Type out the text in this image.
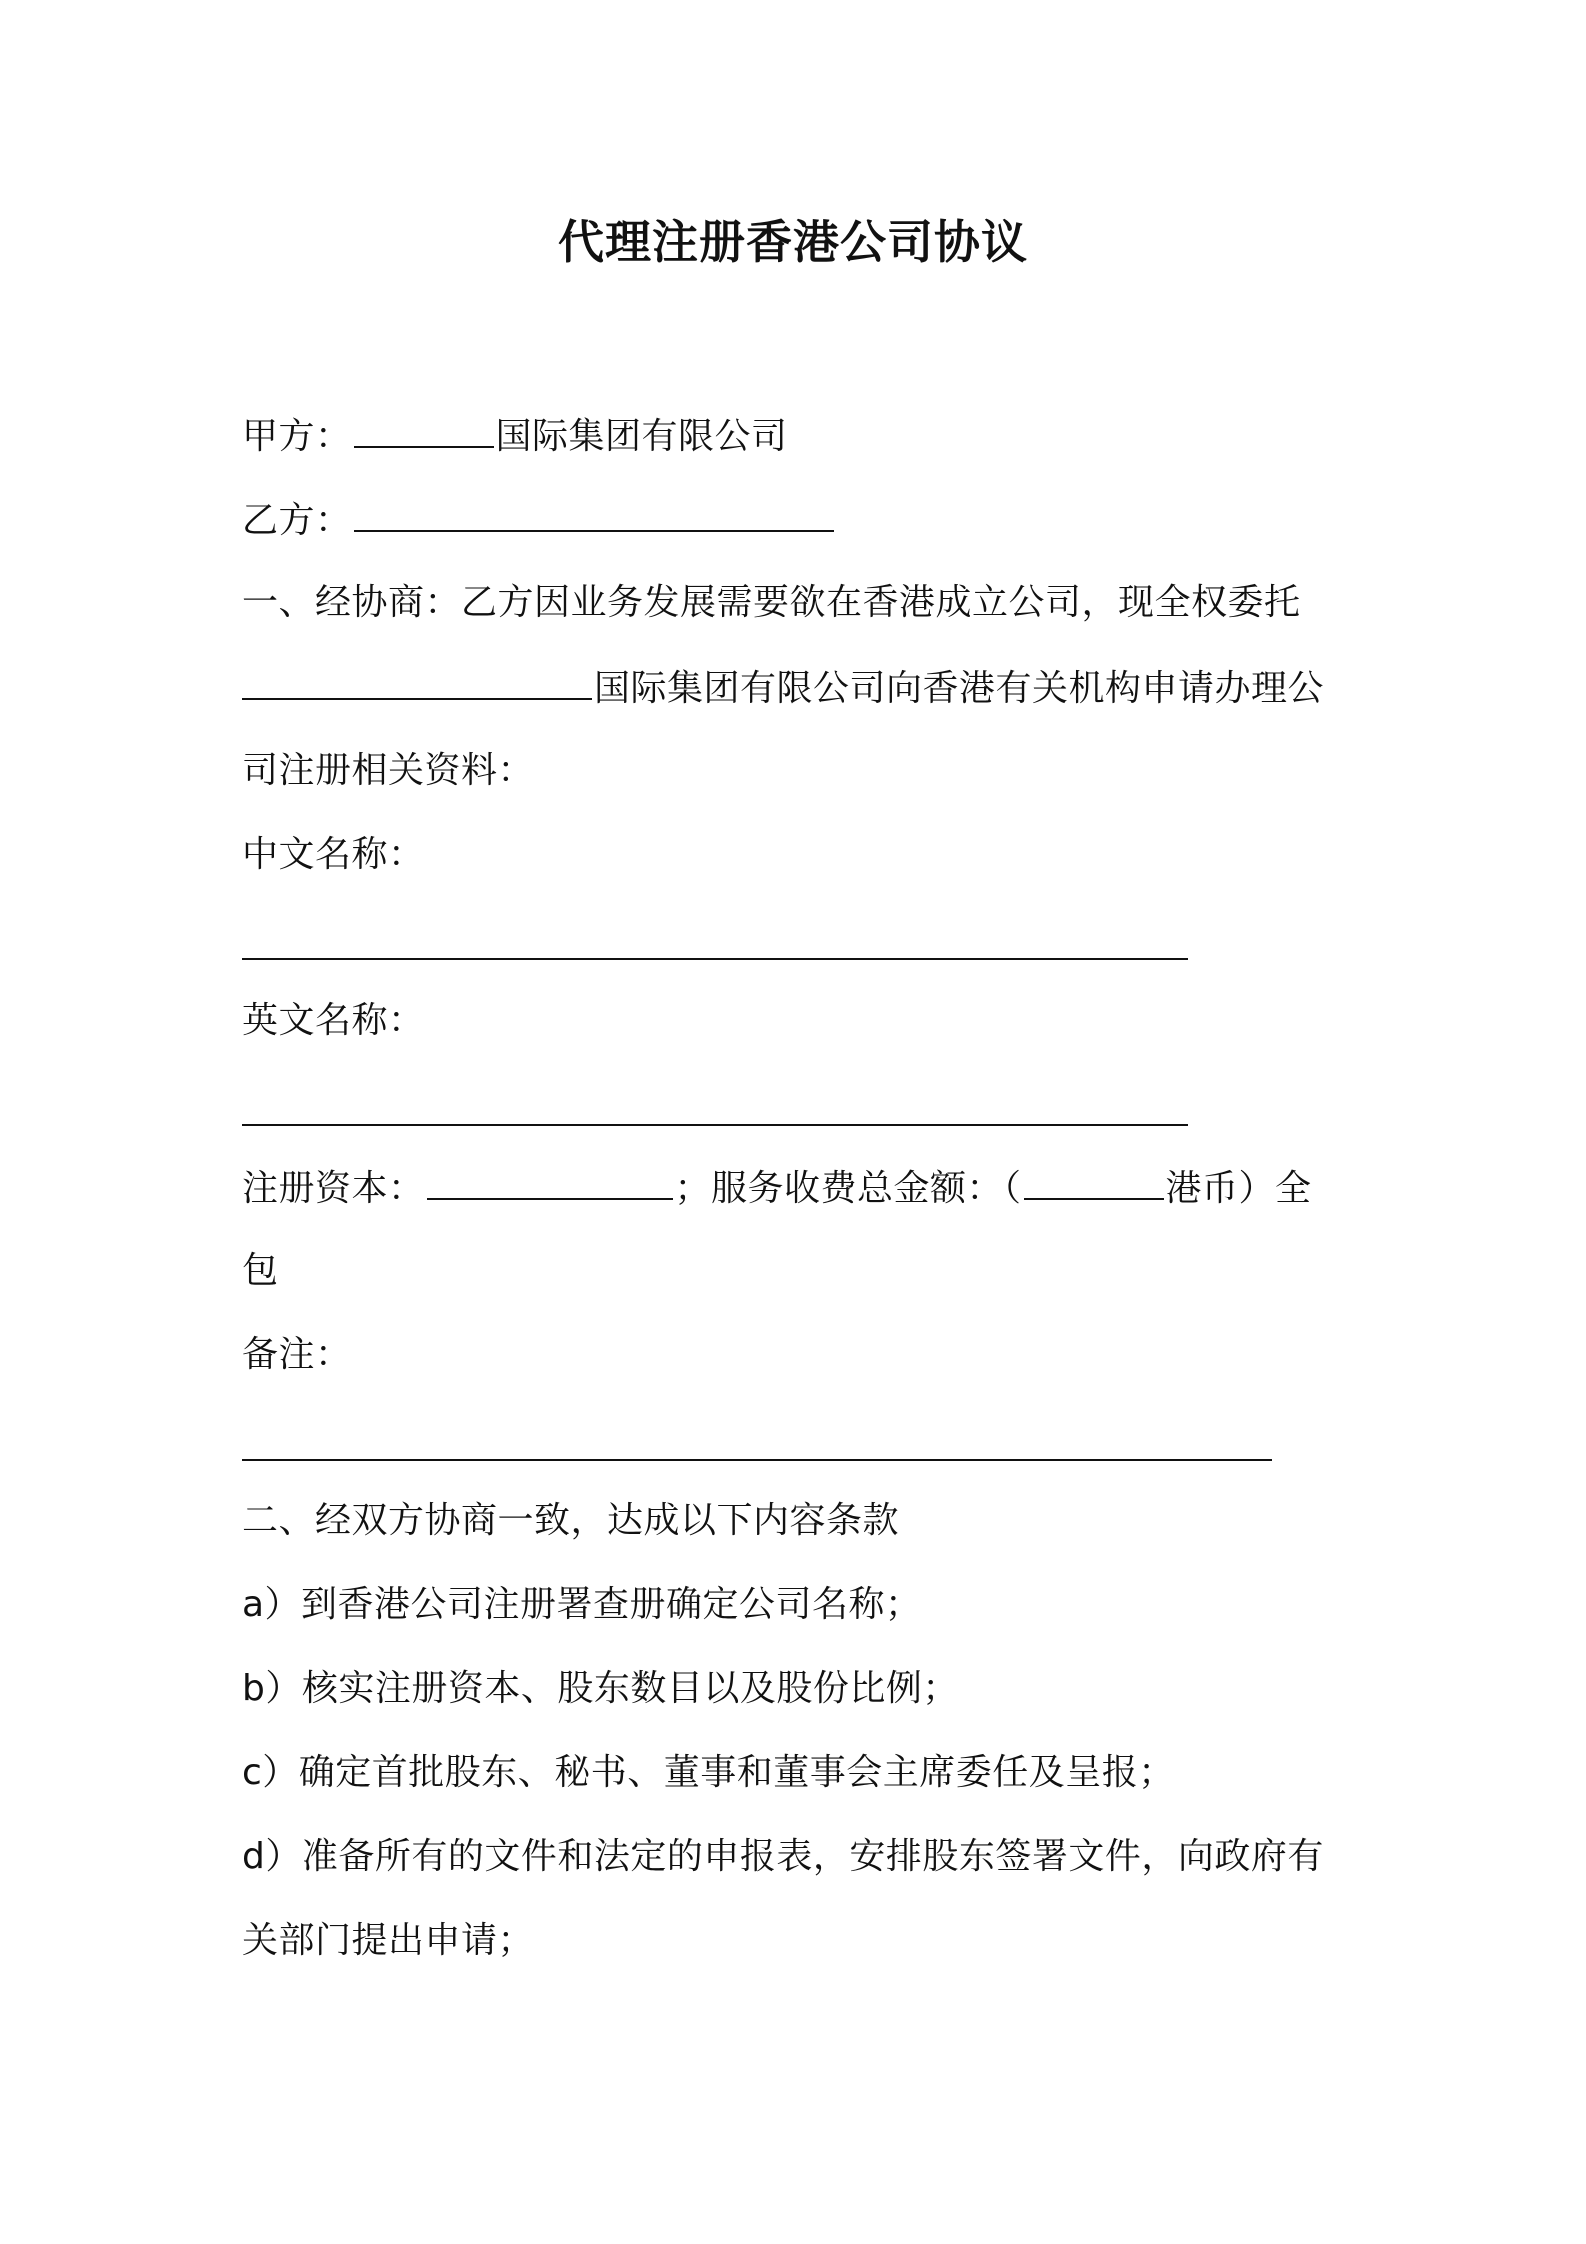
代理注册香港公司协议
甲方：	国际集团有限公司
乙方：
一、经协商：乙方因业务发展需要欲在香港成立公司，现全权委托
国际集团有限公司向香港有关机构申请办理公
司注册相关资料：
中文名称：
英文名称：
注册资本：	；服务收费总金额：（	港币）全
包
备注：
二、经双方协商一致，达成以下内容条款
a）到香港公司注册署查册确定公司名称；
b）核实注册资本、股东数目以及股份比例；
c）确定首批股东、秘书、董事和董事会主席委任及呈报；
d）准备所有的文件和法定的申报表，安排股东签署文件，向政府有
关部门提出申请；
